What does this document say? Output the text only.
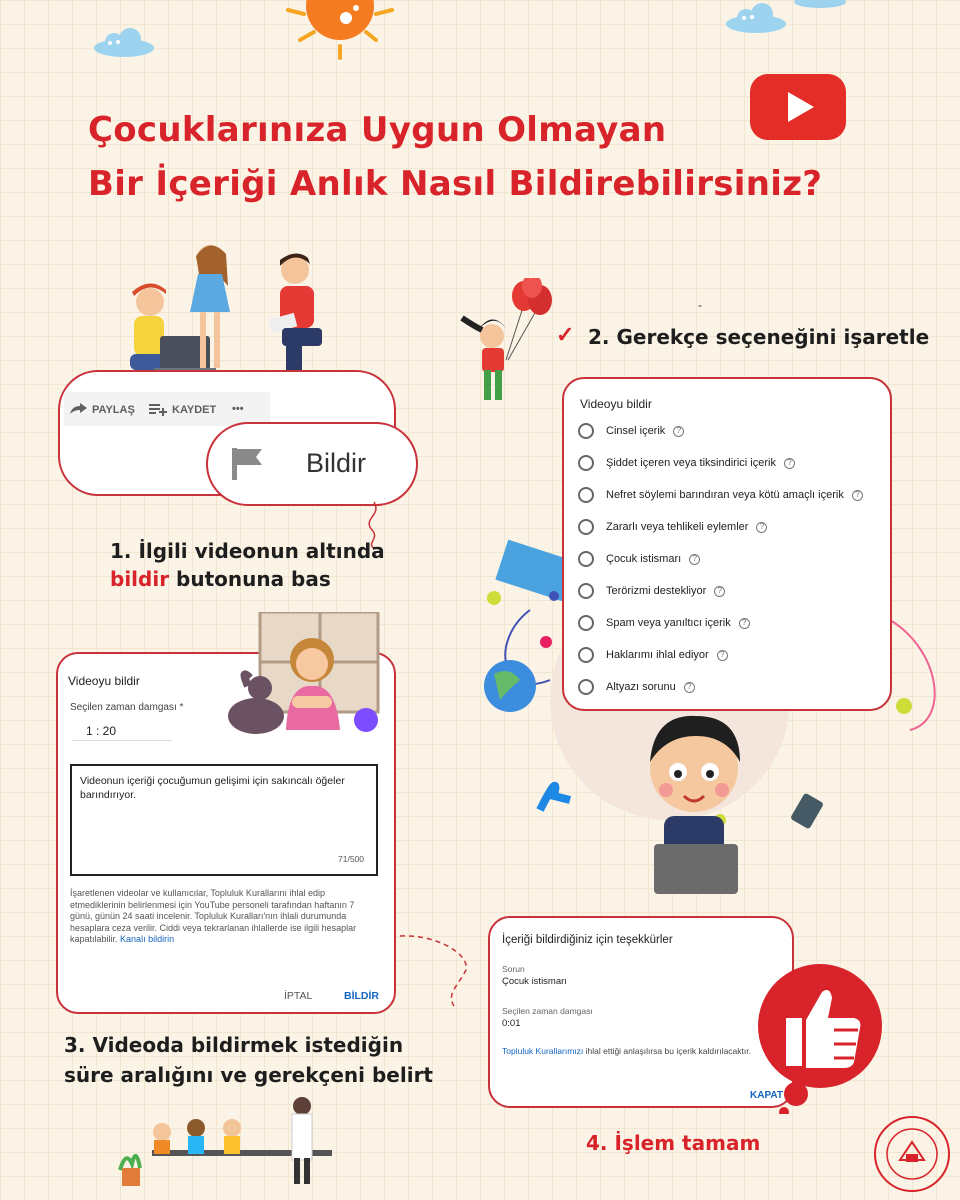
Çocuklarınıza Uygun Olmayan
Bir İçeriği Anlık Nasıl Bildirebilirsiniz?
PAYLAŞ	KAYDET •••
Bildir
1. İlgili videonun altında
bildir butonuna bas
-
✓ 2. Gerekçe seçeneğini işaretle
Videoyu bildir
Cinsel içerik	?
Şiddet içeren veya tiksindirici içerik	?
Nefret söylemi barındıran veya kötü amaçlı içerik	?
Zararlı veya tehlikeli eylemler	?
Çocuk istismarı	?
Terörizmi destekliyor	?
Spam veya yanıltıcı içerik	?
Haklarımı ihlal ediyor	?
Altyazı sorunu	?
Videoyu bildir
Seçilen zaman damgası *
1 : 20
Videonun içeriği çocuğumun gelişimi için sakıncalı öğeler barındırıyor.
71/500
İşaretlenen videolar ve kullanıcılar, Topluluk Kurallarını ihlal edip etmediklerinin belirlenmesi için YouTube personeli tarafından haftanın 7 günü, günün 24 saati incelenir. Topluluk Kuralları'nın ihlali durumunda hesaplara ceza verilir. Ciddi veya tekrarlanan ihlallerde ise ilgili hesaplar kapatılabilir. Kanalı bildirin
İPTAL	BİLDİR
3. Videoda bildirmek istediğin
süre aralığını ve gerekçeni belirt
İçeriği bildirdiğiniz için teşekkürler
Sorun
Çocuk istismarı
Seçilen zaman damgası
0:01
Topluluk Kurallarımızı ihlal ettiği anlaşılırsa bu içerik kaldırılacaktır.
KAPAT
4. İşlem tamam
